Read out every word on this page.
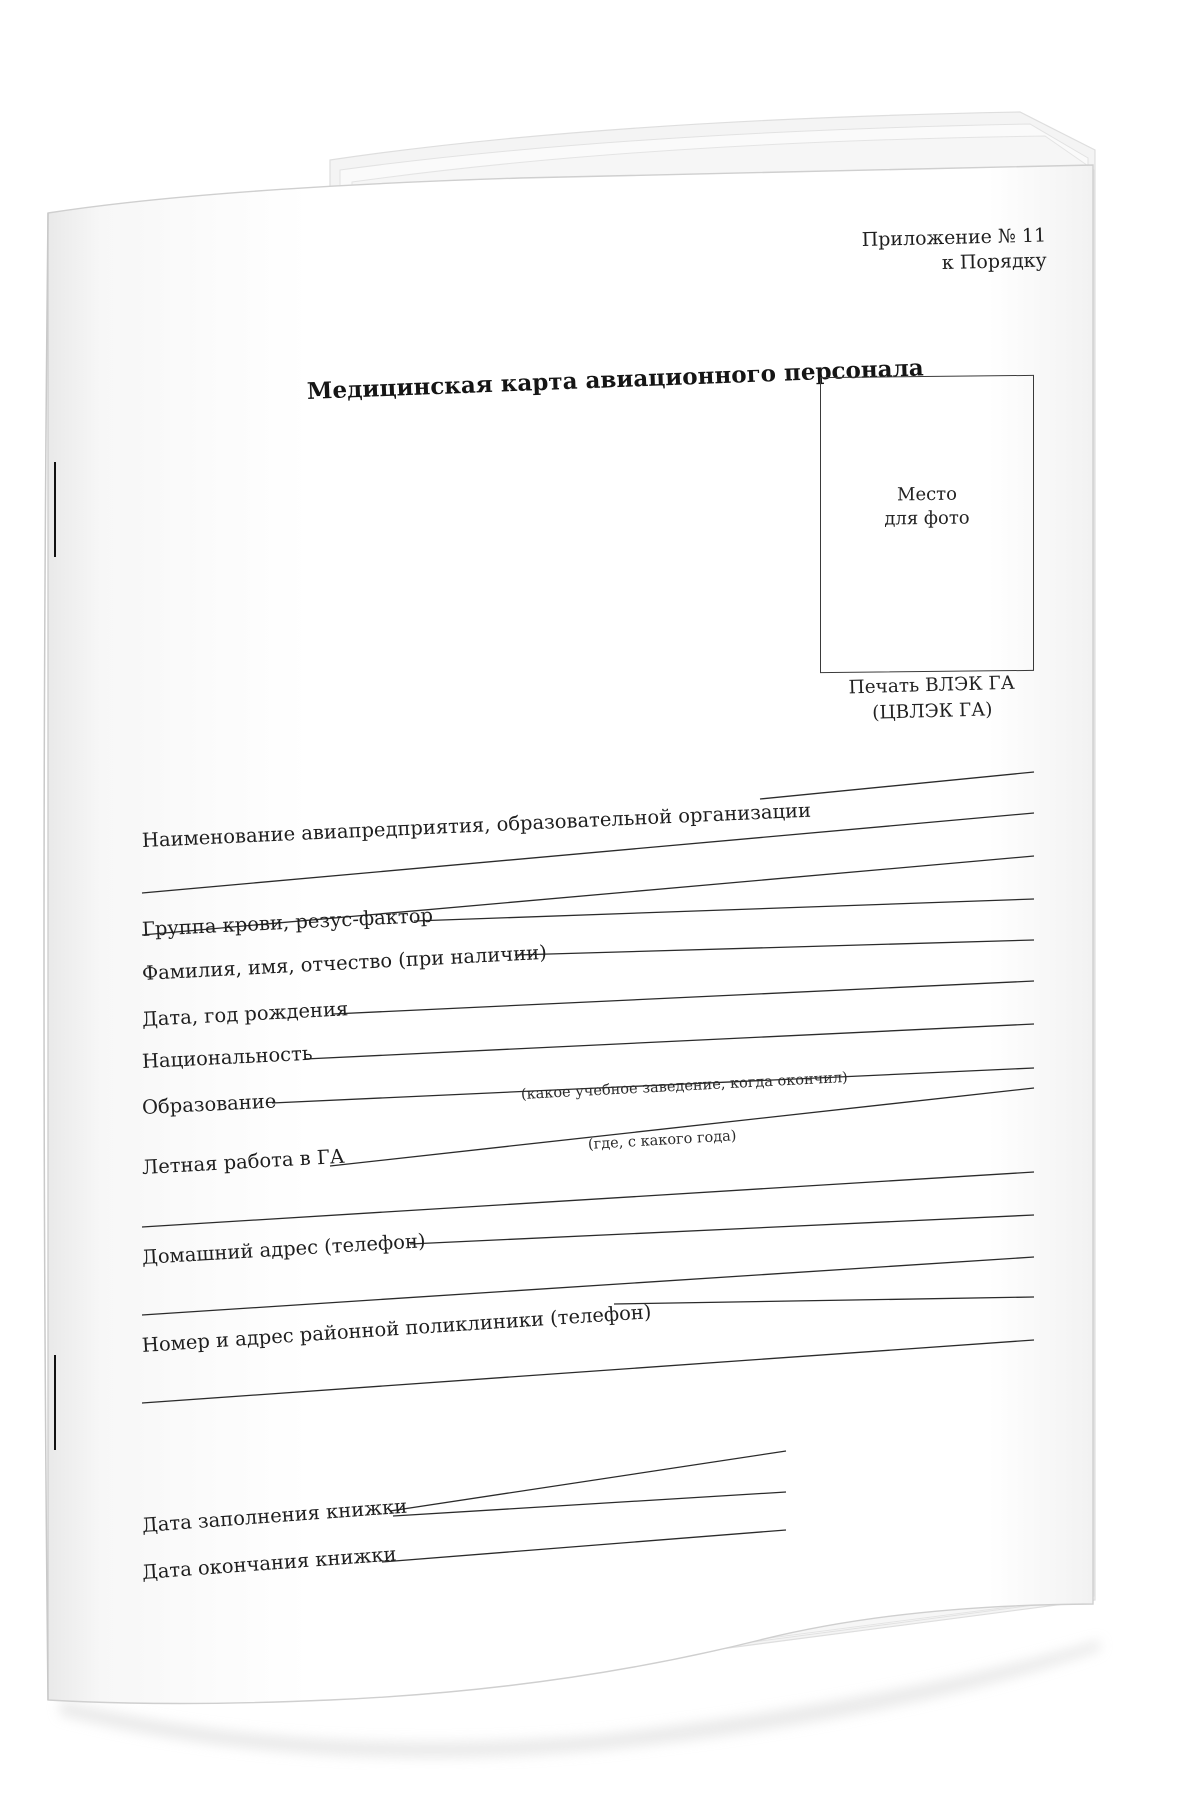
Приложение № 11
к Порядку
Медицинская карта авиационного персонала
Место
для фото
Печать ВЛЭК ГА
(ЦВЛЭК ГА)
Наименование авиапредприятия, образовательной организации
Группа крови, резус-фактор
Фамилия, имя, отчество (при наличии)
Дата, год рождения
Национальность
Образование
(какое учебное заведение, когда окончил)
Летная работа в ГА
(где, с какого года)
Домашний адрес (телефон)
Номер и адрес районной поликлиники (телефон)
Дата заполнения книжки
Дата окончания книжки
